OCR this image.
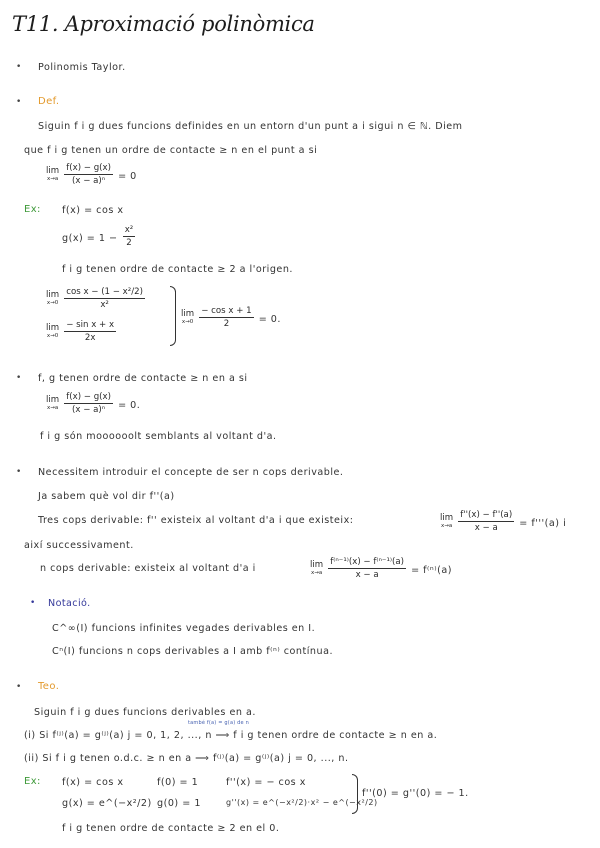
T11. Aproximació polinòmica
• Polinomis Taylor.
• Def.
Siguin f i g dues funcions definides en un entorn d'un punt a i sigui n ∈ ℕ. Diem
que f i g tenen un ordre de contacte ≥ n en el punt a si
lim
x→a
$\frac{f(x) - g(x)}{\text{(x − a)ⁿ}} = 0$
Ex: f(x) = cos x
$g(x) = 1 - \frac{\text{x²}}{2}$
f i g tenen ordre de contacte ≥ 2 a l'origen.
lim
x→0
$\frac{\text{cos x − (1 − x²/2)}}{\text{x²}}$
lim
x→0
$\frac{\text{− sin x + x}}{2x}$
lim
x→0
$\frac{\text{− cos x + 1}}{2} = 0$.
• f, g tenen ordre de contacte ≥ n en a si
lim
x→a
$\frac{f(x) - g(x)}{\text{(x − a)ⁿ}} = 0$.
f i g són moooooolt semblants al voltant d'a.
• Necessitem introduir el concepte de ser n cops derivable.
Ja sabem què vol dir f''(a)
Tres cops derivable: f'' existeix al voltant d'a i que existeix:	lim
x→a
$\frac{f''(x) - f''(a)}{x - a} = f'''(a)$ i
així successivament.
n cops derivable: existeix al voltant d'a i	lim
x→a
$\frac{\text{f⁽ⁿ⁻¹⁾(x) − f⁽ⁿ⁻¹⁾(a)}}{x - a} = f^{(n)}(a)$
• Notació.
C^∞(I) funcions infinites vegades derivables en I.
Cⁿ(I) funcions n cops derivables a I amb f⁽ⁿ⁾ contínua.
• Teo.
Siguin f i g dues funcions derivables en a.
també f(a) = g(a) de n
(i) Si f⁽ʲ⁾(a) = g⁽ʲ⁾(a) j = 0, 1, 2, ..., n ⟹ f i g tenen ordre de contacte ≥ n en a.
(ii) Si f i g tenen o.d.c. ≥ n en a ⟹ f⁽ʲ⁾(a) = g⁽ʲ⁾(a) j = 0, ..., n.
Ex: f(x) = cos x	f(0) = 1	f''(x) = − cos x
g(x) = e^(−x²/2) g(0) = 1	g''(x) = e^(−x²/2)·x² − e^(−x²/2)
f''(0) = g''(0) = − 1.
f i g tenen ordre de contacte ≥ 2 en el 0.
